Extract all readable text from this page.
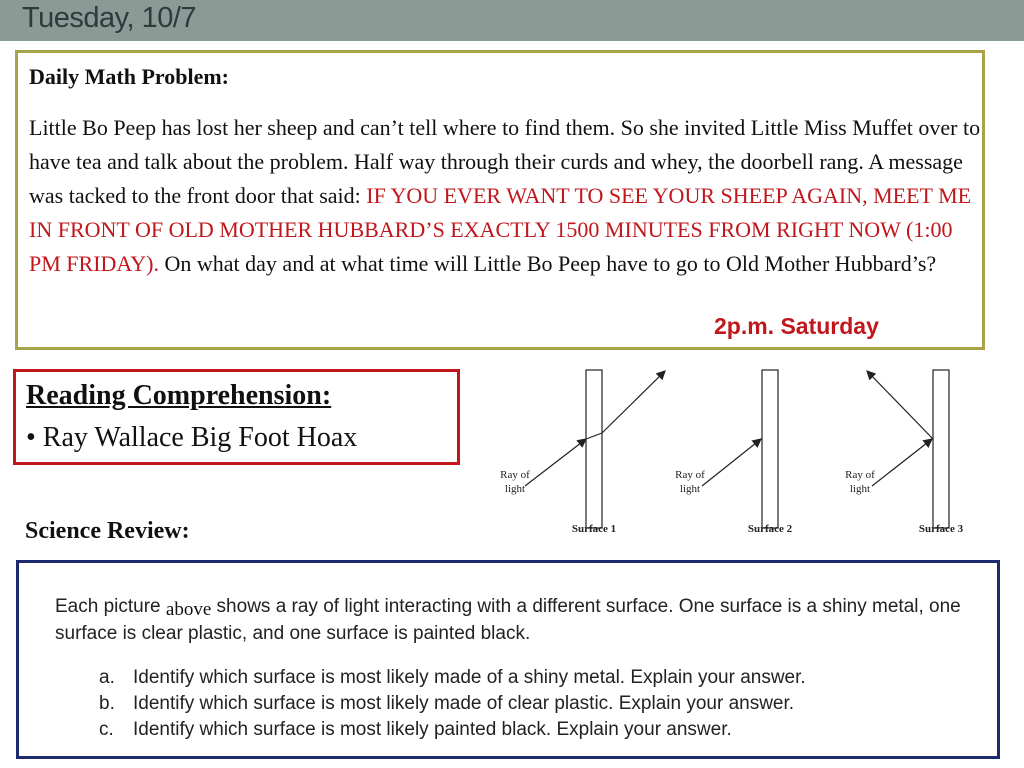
Tuesday, 10/7
Daily Math Problem:
Little Bo Peep has lost her sheep and can’t tell where to find them. So she invited Little Miss Muffet over to have tea and talk about the problem. Half way through their curds and whey, the doorbell rang. A message was tacked to the front door that said: IF YOU EVER WANT TO SEE YOUR SHEEP AGAIN, MEET ME IN FRONT OF OLD MOTHER HUBBARD’S EXACTLY 1500 MINUTES FROM RIGHT NOW (1:00 PM FRIDAY). On what day and at what time will Little Bo Peep have to go to Old Mother Hubbard’s?
2p.m. Saturday
Reading Comprehension:
• Ray Wallace Big Foot Hoax
Ray of
light
Surface 1
Ray of
light
Surface 2
Ray of
light
Surface 3
Science Review:
Each picture above shows a ray of light interacting with a different surface. One surface is a shiny metal, one surface is clear plastic, and one surface is painted black.
a. Identify which surface is most likely made of a shiny metal. Explain your answer.
b. Identify which surface is most likely made of clear plastic. Explain your answer.
c. Identify which surface is most likely painted black. Explain your answer.
